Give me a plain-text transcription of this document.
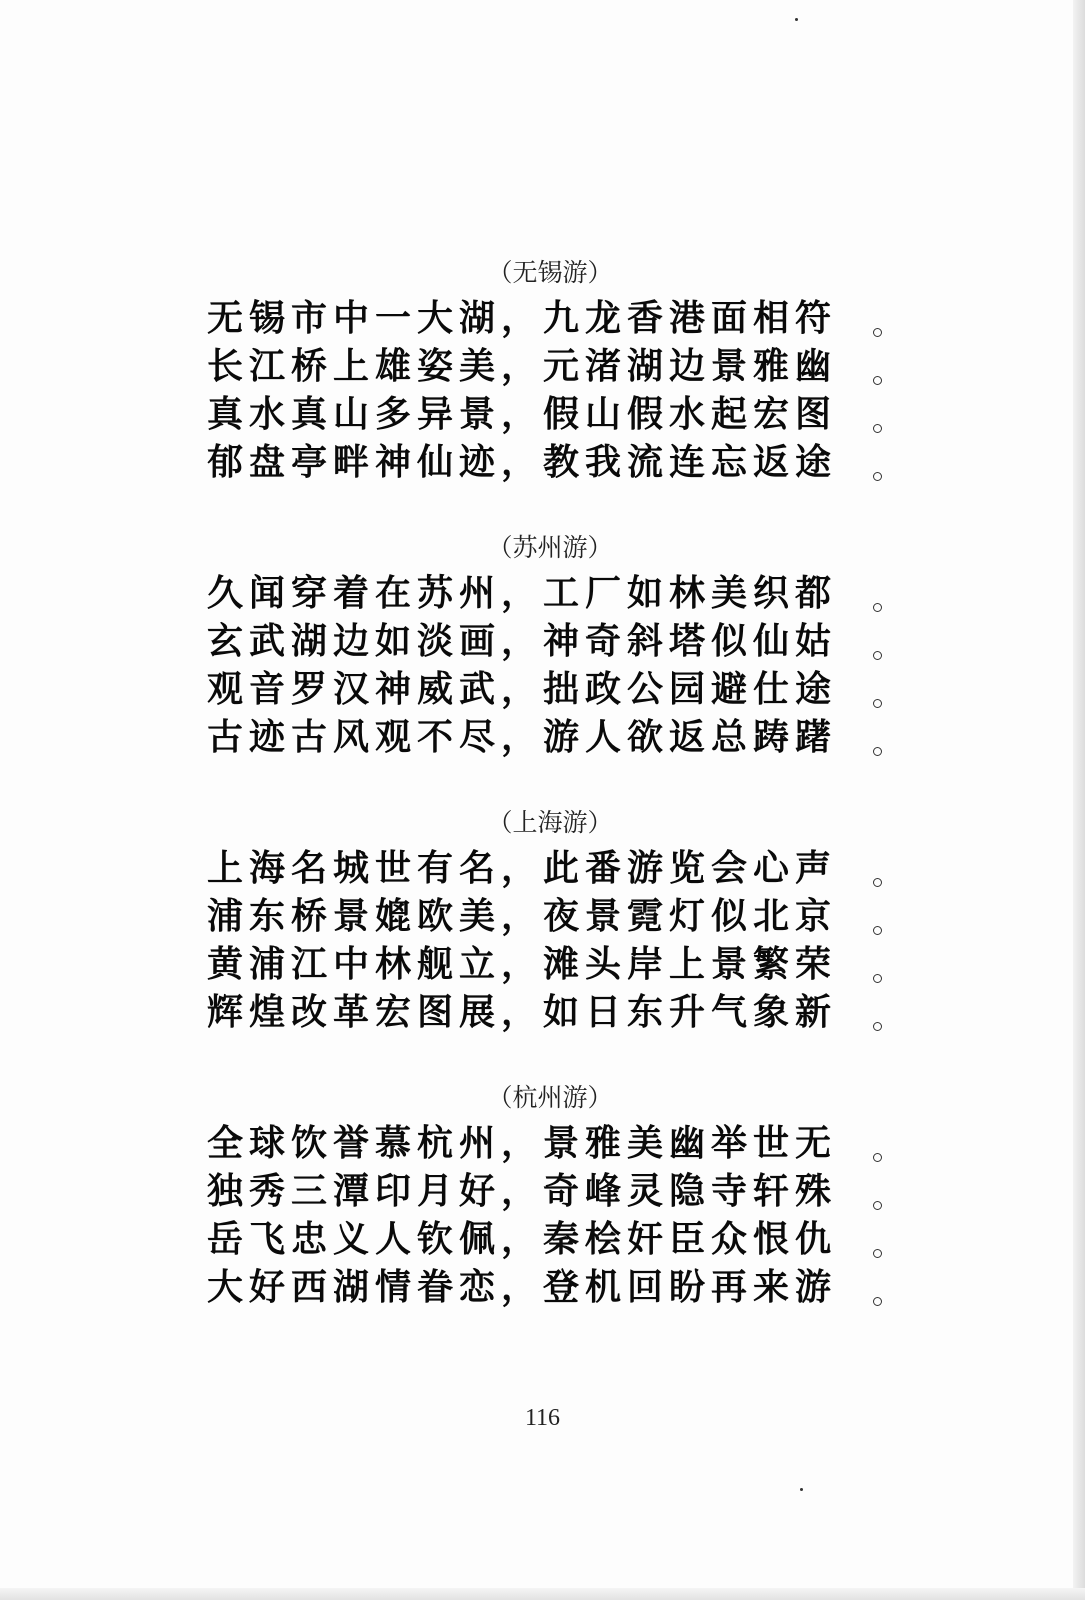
（无锡游）
无锡市中一大湖，九龙香港面相符
长江桥上雄姿美，元渚湖边景雅幽
真水真山多异景，假山假水起宏图
郁盘亭畔神仙迹，教我流连忘返途
（苏州游）
久闻穿着在苏州，工厂如林美织都
玄武湖边如淡画，神奇斜塔似仙姑
观音罗汉神威武，拙政公园避仕途
古迹古风观不尽，游人欲返总踌躇
（上海游）
上海名城世有名，此番游览会心声
浦东桥景媲欧美，夜景霓灯似北京
黄浦江中林舰立，滩头岸上景繁荣
辉煌改革宏图展，如日东升气象新
（杭州游）
全球饮誉慕杭州，景雅美幽举世无
独秀三潭印月好，奇峰灵隐寺轩殊
岳飞忠义人钦佩，秦桧奸臣众恨仇
大好西湖情眷恋，登机回盼再来游
116
